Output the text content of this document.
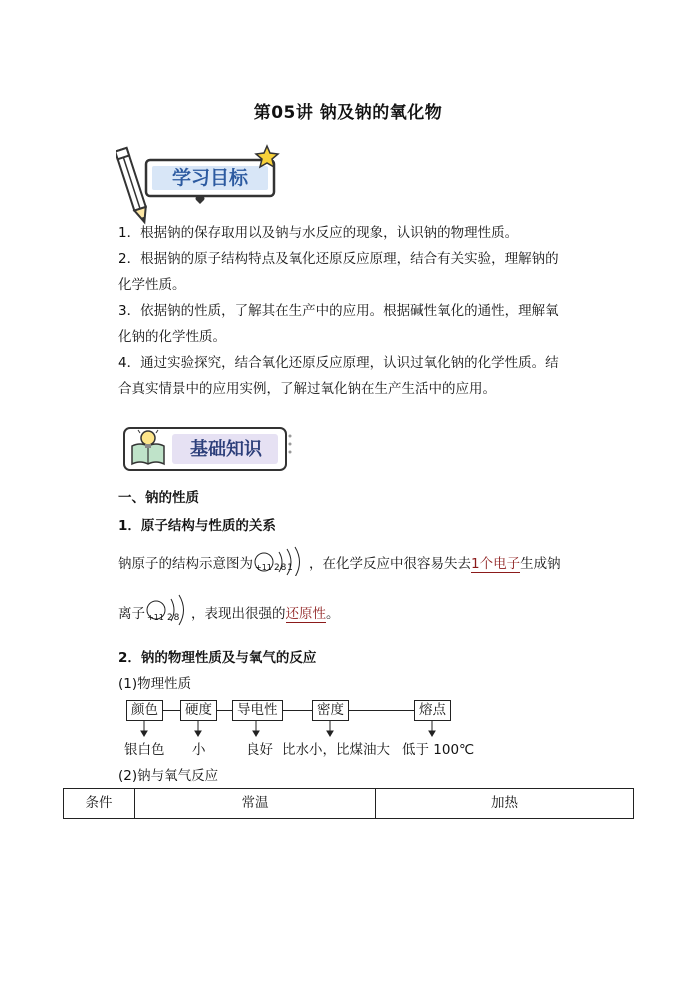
第05讲 钠及钠的氧化物
学习目标
1．根据钠的保存取用以及钠与水反应的现象，认识钠的物理性质。
2．根据钠的原子结构特点及氧化还原反应原理，结合有关实验，理解钠的
化学性质。
3．依据钠的性质，了解其在生产中的应用。根据碱性氧化的通性，理解氧
化钠的化学性质。
4．通过实验探究，结合氧化还原反应原理，认识过氧化钠的化学性质。结
合真实情景中的应用实例，了解过氧化钠在生产生活中的应用。
基础知识
一、钠的性质
1．原子结构与性质的关系
钠原子的结构示意图为 +11 2 8 1 ，在化学反应中很容易失去1个电子生成钠
离子 +11 2 8 ，表现出很强的还原性。
2．钠的物理性质及与氧气的反应
(1)物理性质
颜色	硬度	导电性	密度	熔点
银白色 小	良好 比水小，比煤油大 低于 100℃
(2)钠与氧气反应
条件	常温	加热
